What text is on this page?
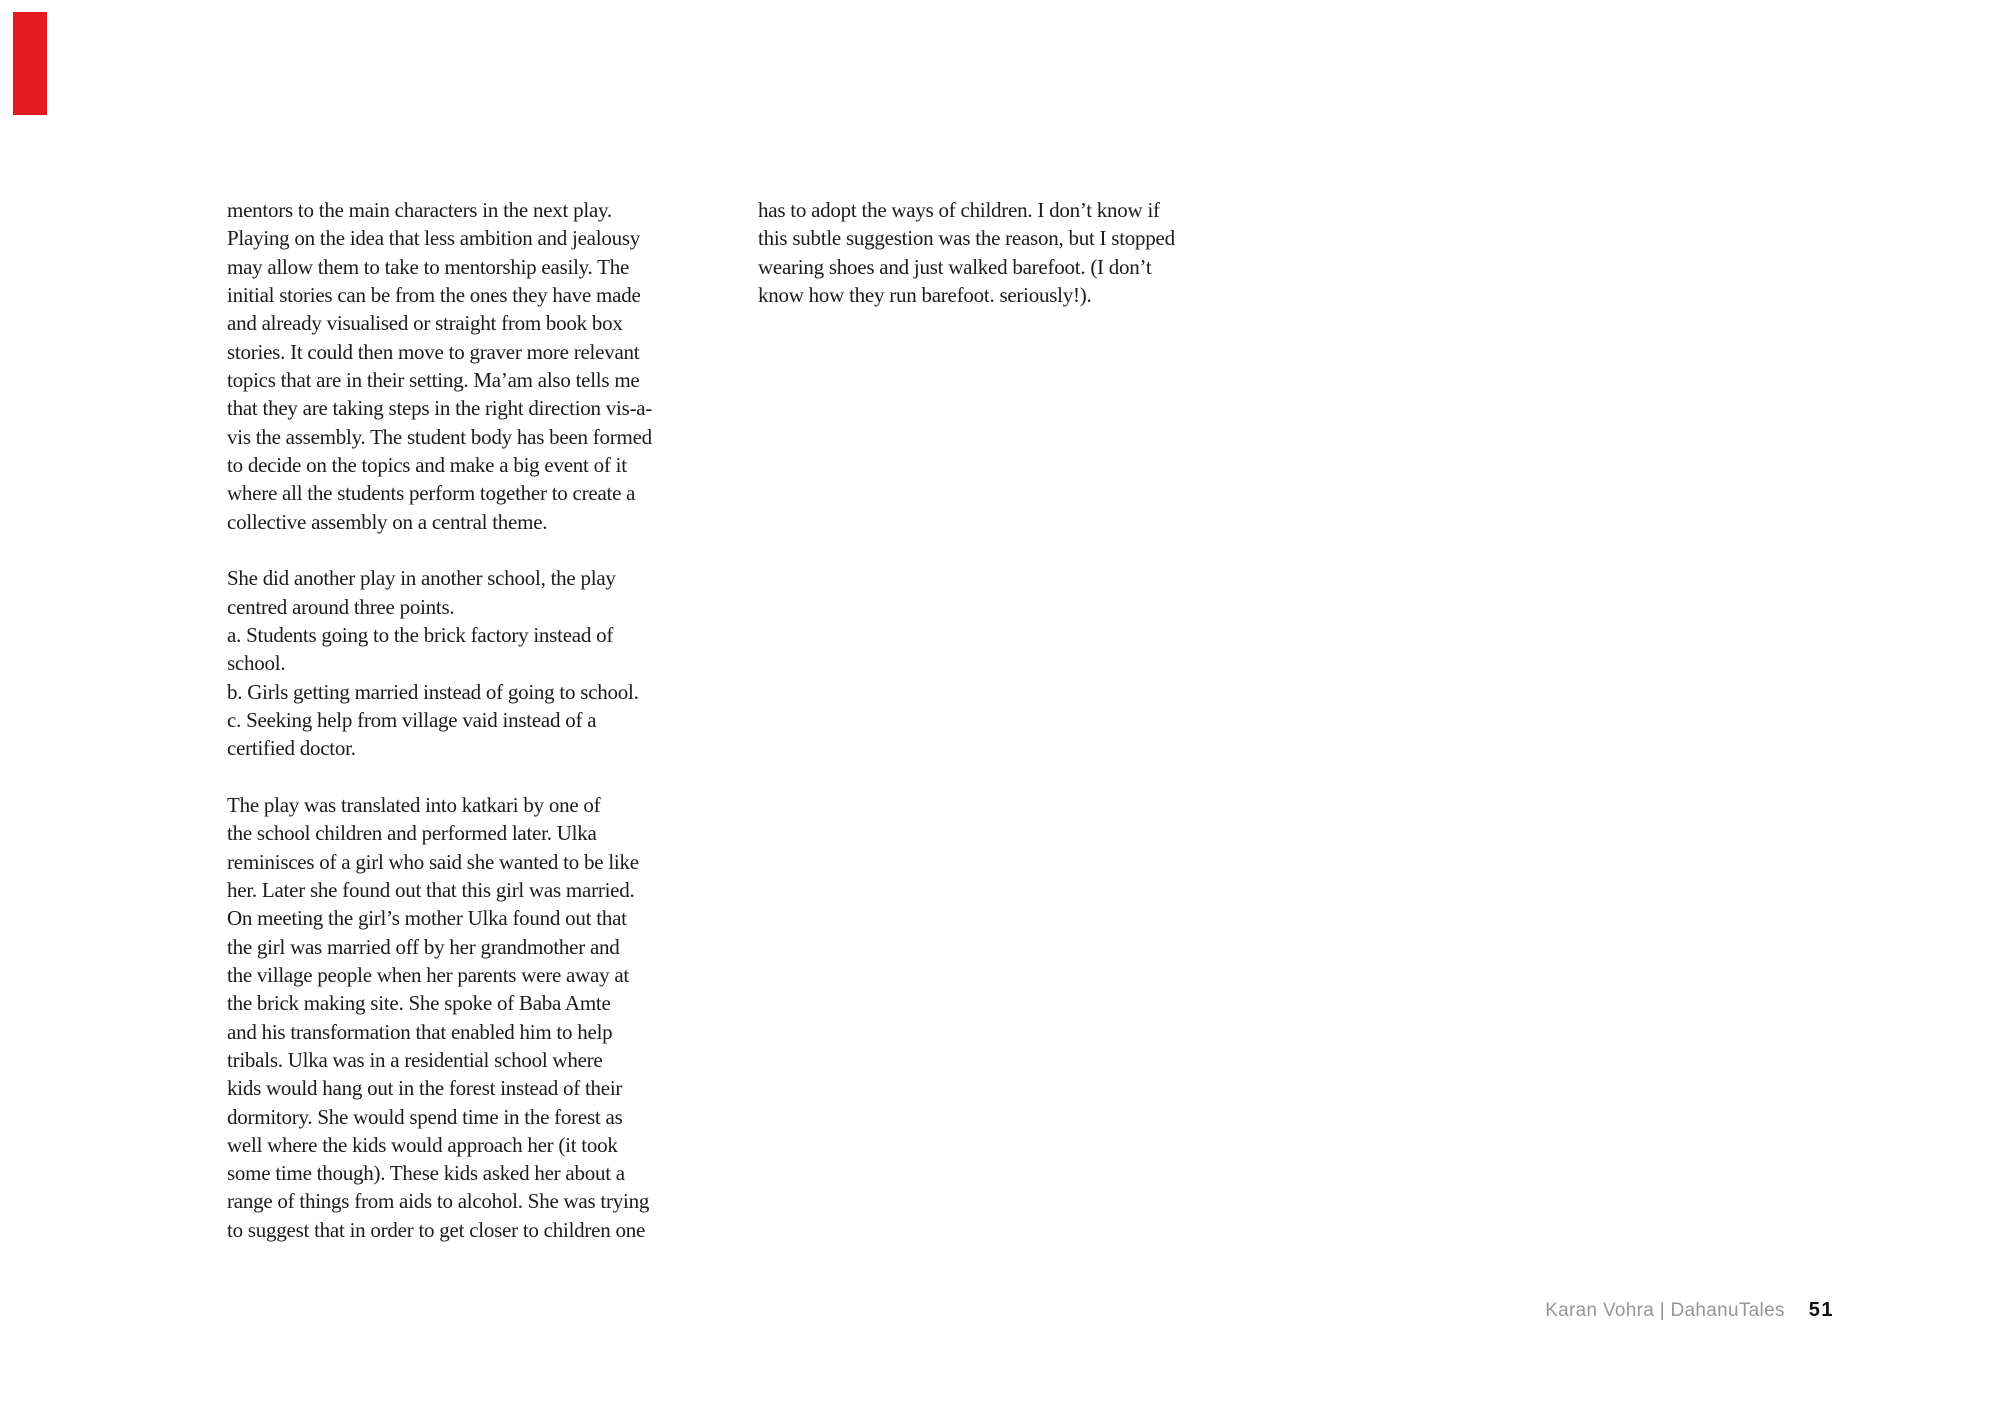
mentors to the main characters in the next play.
Playing on the idea that less ambition and jealousy
may allow them to take to mentorship easily. The
initial stories can be from the ones they have made
and already visualised or straight from book box
stories. It could then move to graver more relevant
topics that are in their setting. Ma’am also tells me
that they are taking steps in the right direction vis-a-
vis the assembly. The student body has been formed
to decide on the topics and make a big event of it
where all the students perform together to create a
collective assembly on a central theme.
She did another play in another school, the play
centred around three points.
a. Students going to the brick factory instead of
school.
b. Girls getting married instead of going to school.
c. Seeking help from village vaid instead of a
certified doctor.
The play was translated into katkari by one of
the school children and performed later. Ulka
reminisces of a girl who said she wanted to be like
her. Later she found out that this girl was married.
On meeting the girl’s mother Ulka found out that
the girl was married off by her grandmother and
the village people when her parents were away at
the brick making site. She spoke of Baba Amte
and his transformation that enabled him to help
tribals. Ulka was in a residential school where
kids would hang out in the forest instead of their
dormitory. She would spend time in the forest as
well where the kids would approach her (it took
some time though). These kids asked her about a
range of things from aids to alcohol. She was trying
to suggest that in order to get closer to children one
has to adopt the ways of children. I don’t know if
this subtle suggestion was the reason, but I stopped
wearing shoes and just walked barefoot. (I don’t
know how they run barefoot. seriously!).
Karan Vohra | DahanuTales 51
